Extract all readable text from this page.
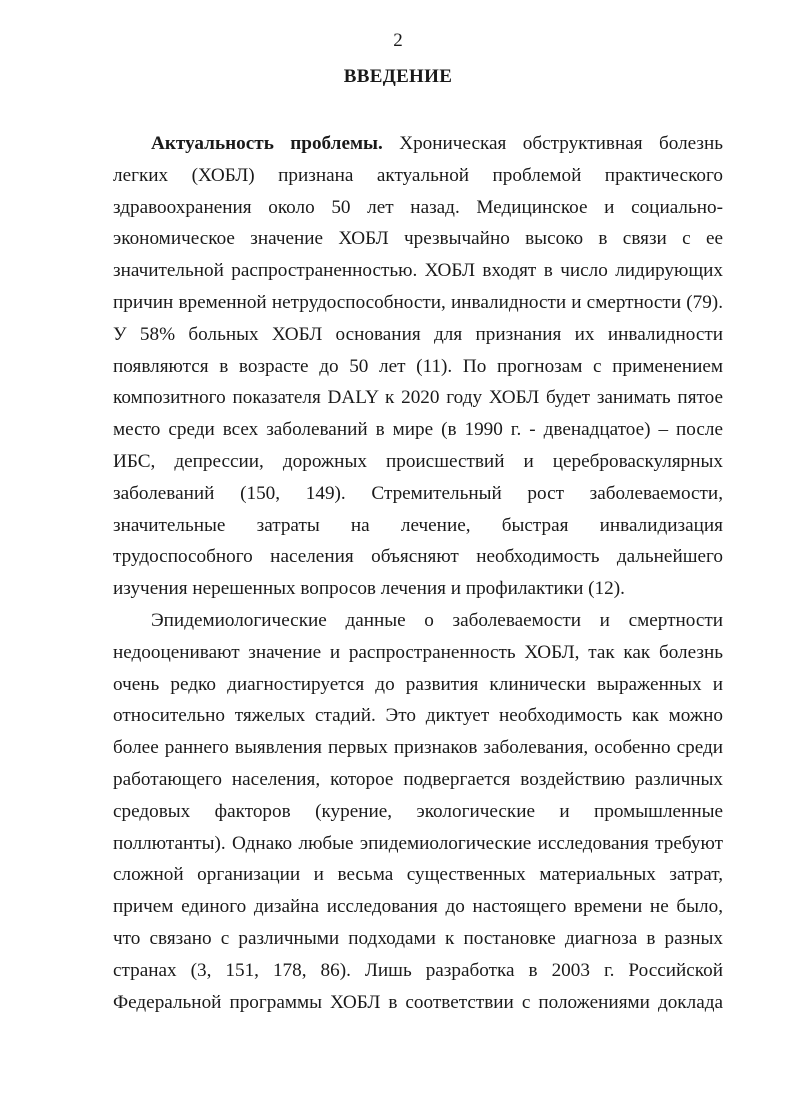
2
ВВЕДЕНИЕ
Актуальность проблемы. Хроническая обструктивная болезнь
легких (ХОБЛ) признана актуальной проблемой практического
здравоохранения около 50 лет назад. Медицинское и социально-
экономическое значение ХОБЛ чрезвычайно высоко в связи с ее
значительной распространенностью. ХОБЛ входят в число лидирующих
причин временной нетрудоспособности, инвалидности и смертности (79).
У 58% больных ХОБЛ основания для признания их инвалидности
появляются в возрасте до 50 лет (11). По прогнозам с применением
композитного показателя DALY к 2020 году ХОБЛ будет занимать пятое
место среди всех заболеваний в мире (в 1990 г. - двенадцатое) – после
ИБС, депрессии, дорожных происшествий и цереброваскулярных
заболеваний (150, 149). Стремительный рост заболеваемости,
значительные затраты на лечение, быстрая инвалидизация
трудоспособного населения объясняют необходимость дальнейшего
изучения нерешенных вопросов лечения и профилактики (12).
Эпидемиологические данные о заболеваемости и смертности
недооценивают значение и распространенность ХОБЛ, так как болезнь
очень редко диагностируется до развития клинически выраженных и
относительно тяжелых стадий. Это диктует необходимость как можно
более раннего выявления первых признаков заболевания, особенно среди
работающего населения, которое подвергается воздействию различных
средовых факторов (курение, экологические и промышленные
поллютанты). Однако любые эпидемиологические исследования требуют
сложной организации и весьма существенных материальных затрат,
причем единого дизайна исследования до настоящего времени не было,
что связано с различными подходами к постановке диагноза в разных
странах (3, 151, 178, 86). Лишь разработка в 2003 г. Российской
Федеральной программы ХОБЛ в соответствии с положениями доклада
